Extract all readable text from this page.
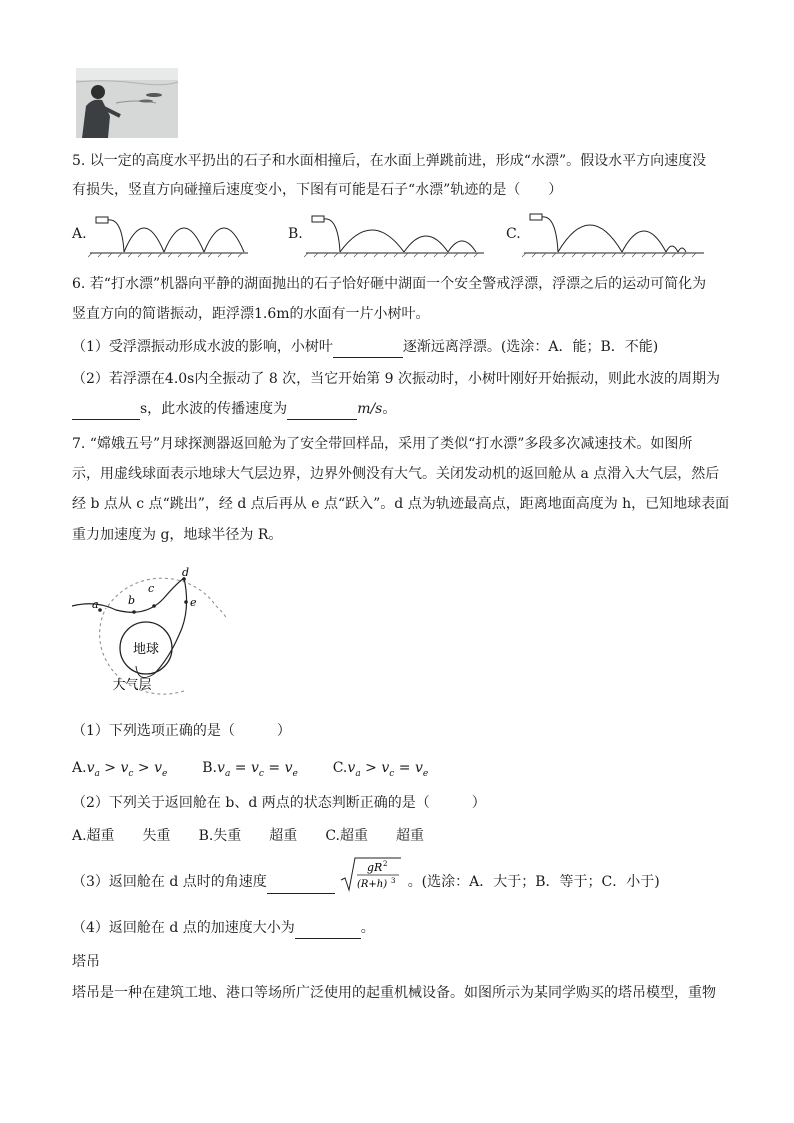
5. 以一定的高度水平扔出的石子和水面相撞后，在水面上弹跳前进，形成“水漂”。假设水平方向速度没
有损失，竖直方向碰撞后速度变小，下图有可能是石子“水漂”轨迹的是（　　）
A.	B.	C.
6. 若“打水漂”机器向平静的湖面抛出的石子恰好砸中湖面一个安全警戒浮漂，浮漂之后的运动可简化为
竖直方向的简谐振动，距浮漂1.6m的水面有一片小树叶。
（1）受浮漂振动形成水波的影响，小树叶	逐渐远离浮漂。(选涂：A．能；B．不能)
（2）若浮漂在4.0s内全振动了 8 次，当它开始第 9 次振动时，小树叶刚好开始振动，则此水波的周期为
s，此水波的传播速度为	m/s。
7. “嫦娥五号”月球探测器返回舱为了安全带回样品，采用了类似“打水漂”多段多次减速技术。如图所
示，用虚线球面表示地球大气层边界，边界外侧没有大气。关闭发动机的返回舱从 a 点滑入大气层，然后
经 b 点从 c 点“跳出”，经 d 点后再从 e 点“跃入”。d 点为轨迹最高点，距离地面高度为 h，已知地球表面
重力加速度为 g，地球半径为 R。
地球
大气层
a	b
c
d
e
（1）下列选项正确的是（　　　）
$A.v_a > v_c > v_e$ $B.v_a = v_c = v_e$ $C.v_a > v_c = v_e$
（2）下列关于返回舱在 b、d 两点的状态判断正确的是（　　　）
A.超重　　失重 B.失重　　超重 C.超重　　超重
（3）返回舱在 d 点时的角速度
gR 2
(R+h) 3 。(选涂：A．大于；B．等于；C．小于)
（4）返回舱在 d 点的加速度大小为	。
塔吊
塔吊是一种在建筑工地、港口等场所广泛使用的起重机械设备。如图所示为某同学购买的塔吊模型，重物
